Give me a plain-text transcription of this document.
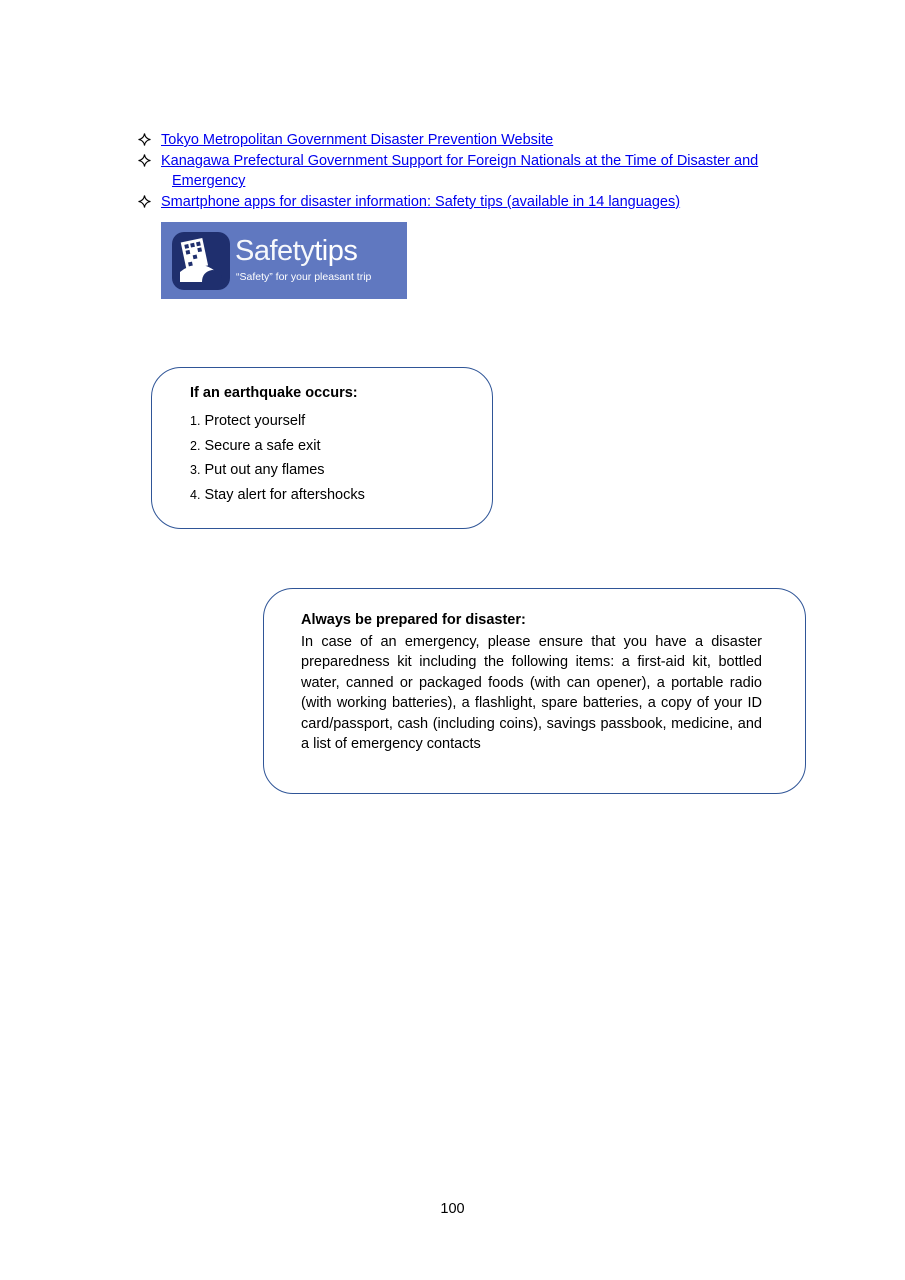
Tokyo Metropolitan Government Disaster Prevention Website
Kanagawa Prefectural Government Support for Foreign Nationals at the Time of Disaster and
Emergency
Smartphone apps for disaster information: Safety tips (available in 14 languages)
Safetytips
“Safety” for your pleasant trip
If an earthquake occurs:
1. Protect yourself
2. Secure a safe exit
3. Put out any flames
4. Stay alert for aftershocks
Always be prepared for disaster:
In case of an emergency, please ensure that you have a disaster preparedness kit including the following items: a first-aid kit, bottled water, canned or packaged foods (with can opener), a portable radio (with working batteries), a flashlight, spare batteries, a copy of your ID card/passport, cash (including coins), savings passbook, medicine, and a list of emergency contacts
100
